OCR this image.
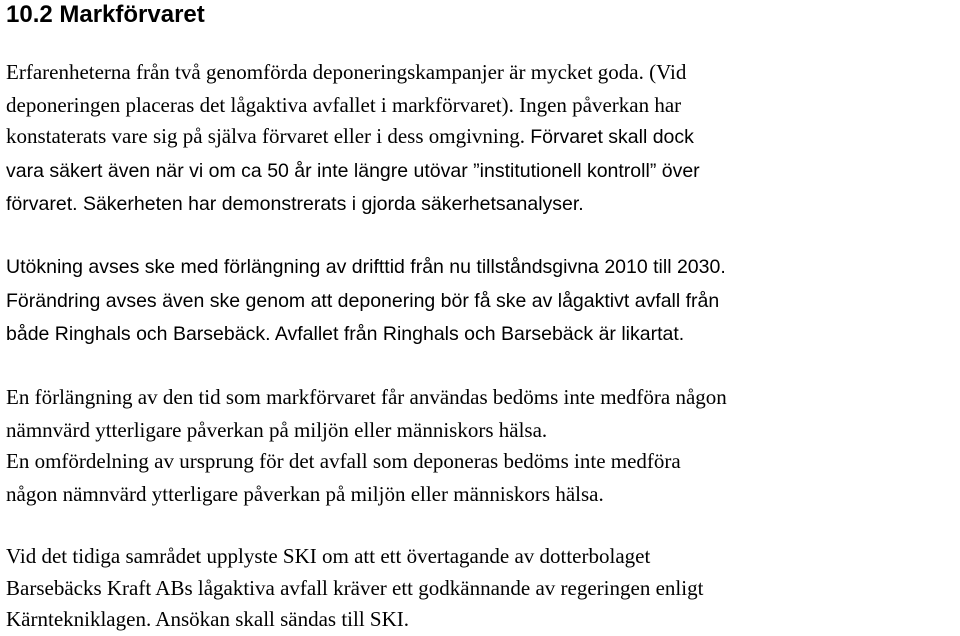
10.2 Markförvaret
Erfarenheterna från två genomförda deponeringskampanjer är mycket goda. (Vid
deponeringen placeras det lågaktiva avfallet i markförvaret). Ingen påverkan har
konstaterats vare sig på själva förvaret eller i dess omgivning. Förvaret skall dock
vara säkert även när vi om ca 50 år inte längre utövar ”institutionell kontroll” över
förvaret. Säkerheten har demonstrerats i gjorda säkerhetsanalyser.
Utökning avses ske med förlängning av drifttid från nu tillståndsgivna 2010 till 2030.
Förändring avses även ske genom att deponering bör få ske av lågaktivt avfall från
både Ringhals och Barsebäck. Avfallet från Ringhals och Barsebäck är likartat.
En förlängning av den tid som markförvaret får användas bedöms inte medföra någon
nämnvärd ytterligare påverkan på miljön eller människors hälsa.
En omfördelning av ursprung för det avfall som deponeras bedöms inte medföra
någon nämnvärd ytterligare påverkan på miljön eller människors hälsa.
Vid det tidiga samrådet upplyste SKI om att ett övertagande av dotterbolaget
Barsebäcks Kraft ABs lågaktiva avfall kräver ett godkännande av regeringen enligt
Kärntekniklagen. Ansökan skall sändas till SKI.
